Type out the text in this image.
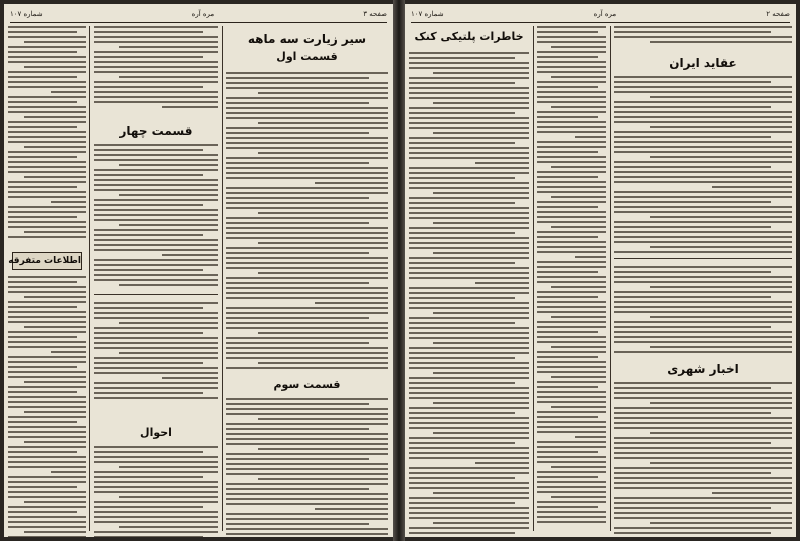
شماره ۱۰۷	مره آره	صفحه ۳
اطلاعات متفرقه
قسمت چهار
احوال
سیر زیارت سه ماهه
قسمت اول
قسمت سوم
شماره ۱۰۷	مره آره	صفحه ۲
خاطرات پلتیکی کنک
عقاید ایران
اخبار شهری
